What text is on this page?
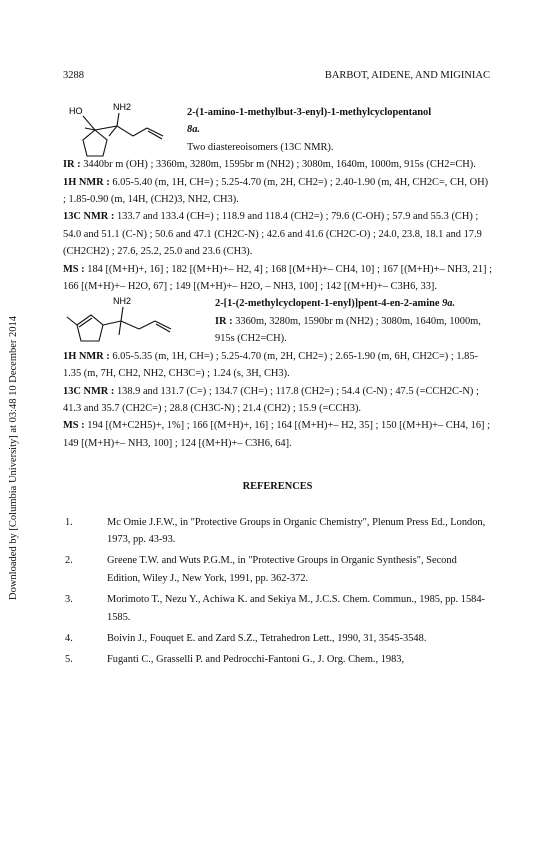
3288	BARBOT, AIDENE, AND MIGINIAC
Downloaded by [Columbia University] at 03:48 10 December 2014
HO	NH2	2-(1-amino-1-methylbut-3-enyl)-1-methylcyclopentanol
8a.
Two diastereoisomers (13C NMR).
IR : 3440br m (OH) ; 3360m, 3280m, 1595br m (NH2) ; 3080m, 1640m, 1000m, 915s (CH2=CH).
1H NMR : 6.05-5.40 (m, 1H, CH=) ; 5.25-4.70 (m, 2H, CH2=) ; 2.40-1.90 (m, 4H, CH2C=, CH, OH) ; 1.85-0.90 (m, 14H, (CH2)3, NH2, CH3).
13C NMR : 133.7 and 133.4 (CH=) ; 118.9 and 118.4 (CH2=) ; 79.6 (C-OH) ; 57.9 and 55.3 (CH) ; 54.0 and 51.1 (C-N) ; 50.6 and 47.1 (CH2C-N) ; 42.6 and 41.6 (CH2C-O) ; 24.0, 23.8, 18.1 and 17.9 (CH2CH2) ; 27.6, 25.2, 25.0 and 23.6 (CH3).
MS : 184 [(M+H)+, 16] ; 182 [(M+H)+– H2, 4] ; 168 [(M+H)+– CH4, 10] ; 167 [(M+H)+– NH3, 21] ; 166 [(M+H)+– H2O, 67] ; 149 [(M+H)+– H2O, – NH3, 100] ; 142 [(M+H)+– C3H6, 33].
NH2	2-[1-(2-methylcyclopent-1-enyl)]pent-4-en-2-amine 9a.
IR : 3360m, 3280m, 1590br m (NH2) ; 3080m, 1640m, 1000m, 915s (CH2=CH).
1H NMR : 6.05-5.35 (m, 1H, CH=) ; 5.25-4.70 (m, 2H, CH2=) ; 2.65-1.90 (m, 6H, CH2C=) ; 1.85-1.35 (m, 7H, CH2, NH2, CH3C=) ; 1.24 (s, 3H, CH3).
13C NMR : 138.9 and 131.7 (C=) ; 134.7 (CH=) ; 117.8 (CH2=) ; 54.4 (C-N) ; 47.5 (=CCH2C-N) ; 41.3 and 35.7 (CH2C=) ; 28.8 (CH3C-N) ; 21.4 (CH2) ; 15.9 (=CCH3).
MS : 194 [(M+C2H5)+, 1%] ; 166 [(M+H)+, 16] ; 164 [(M+H)+– H2, 35] ; 150 [(M+H)+– CH4, 16] ; 149 [(M+H)+– NH3, 100] ; 124 [(M+H)+– C3H6, 64].
REFERENCES
1.	Mc Omie J.F.W., in "Protective Groups in Organic Chemistry", Plenum Press Ed., London, 1973, pp. 43-93.
2.	Greene T.W. and Wuts P.G.M., in "Protective Groups in Organic Synthesis", Second Edition, Wiley J., New York, 1991, pp. 362-372.
3.	Morimoto T., Nezu Y., Achiwa K. and Sekiya M., J.C.S. Chem. Commun., 1985, pp. 1584-1585.
4.	Boivin J., Fouquet E. and Zard S.Z., Tetrahedron Lett., 1990, 31, 3545-3548.
5.	Fuganti C., Grasselli P. and Pedrocchi-Fantoni G., J. Org. Chem., 1983,
